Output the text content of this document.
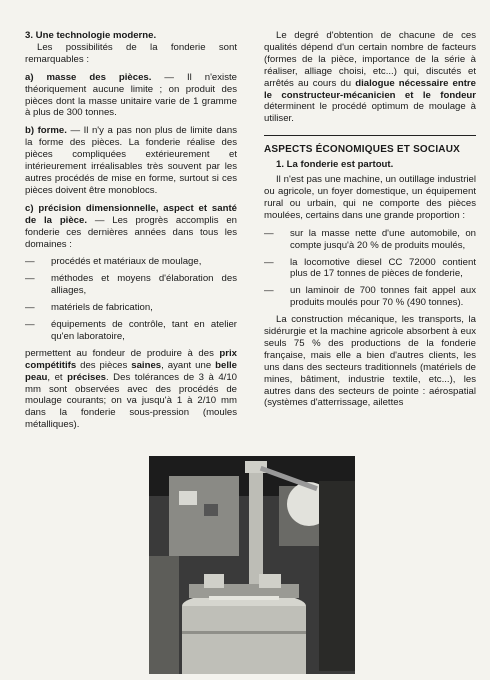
3. Une technologie moderne.

Les possibilités de la fonderie sont remarquables :

a) masse des pièces. — Il n'existe théoriquement aucune limite ; on produit des pièces dont la masse unitaire varie de 1 gramme à plus de 300 tonnes.

b) forme. — Il n'y a pas non plus de limite dans la forme des pièces. La fonderie réalise des pièces compliquées extérieurement et intérieurement irréalisables très souvent par les autres procédés de mise en forme, surtout si ces pièces doivent être monoblocs.

c) précision dimensionnelle, aspect et santé de la pièce. — Les progrès accomplis en fonderie ces dernières années dans tous les domaines :

— procédés et matériaux de moulage,
— méthodes et moyens d'élaboration des alliages,
— matériels de fabrication,
— équipements de contrôle, tant en atelier qu'en laboratoire,

permettent au fondeur de produire à des prix compétitifs des pièces saines, ayant une belle peau, et précises. Des tolérances de 3 à 4/10 mm sont observées avec des procédés de moulage courants; on va jusqu'à 1 à 2/10 mm dans la fonderie sous-pression (moules métalliques).

Le degré d'obtention de chacune de ces qualités dépend d'un certain nombre de facteurs (formes de la pièce, importance de la série à réaliser, alliage choisi, etc...) qui, discutés et arrêtés au cours du dialogue nécessaire entre le constructeur-mécanicien et le fondeur déterminent le procédé optimum de moulage à utiliser.

ASPECTS ÉCONOMIQUES ET SOCIAUX

1. La fonderie est partout.

Il n'est pas une machine, un outillage industriel ou agricole, un foyer domestique, un équipement rural ou urbain, qui ne comporte des pièces moulées, certains dans une grande proportion :

— sur la masse nette d'une automobile, on compte jusqu'à 20 % de produits moulés,
— la locomotive diesel CC 72000 contient plus de 17 tonnes de pièces de fonderie,
— un laminoir de 700 tonnes fait appel aux produits moulés pour 70 % (490 tonnes).

La construction mécanique, les transports, la sidérurgie et la machine agricole absorbent à eux seuls 75 % des productions de la fonderie française, mais elle a bien d'autres clients, les uns dans des secteurs traditionnels (matériels de mines, bâtiment, industrie textile, etc...), les autres dans des secteurs de pointe : aérospatial (systèmes d'atterrissage, ailettes
